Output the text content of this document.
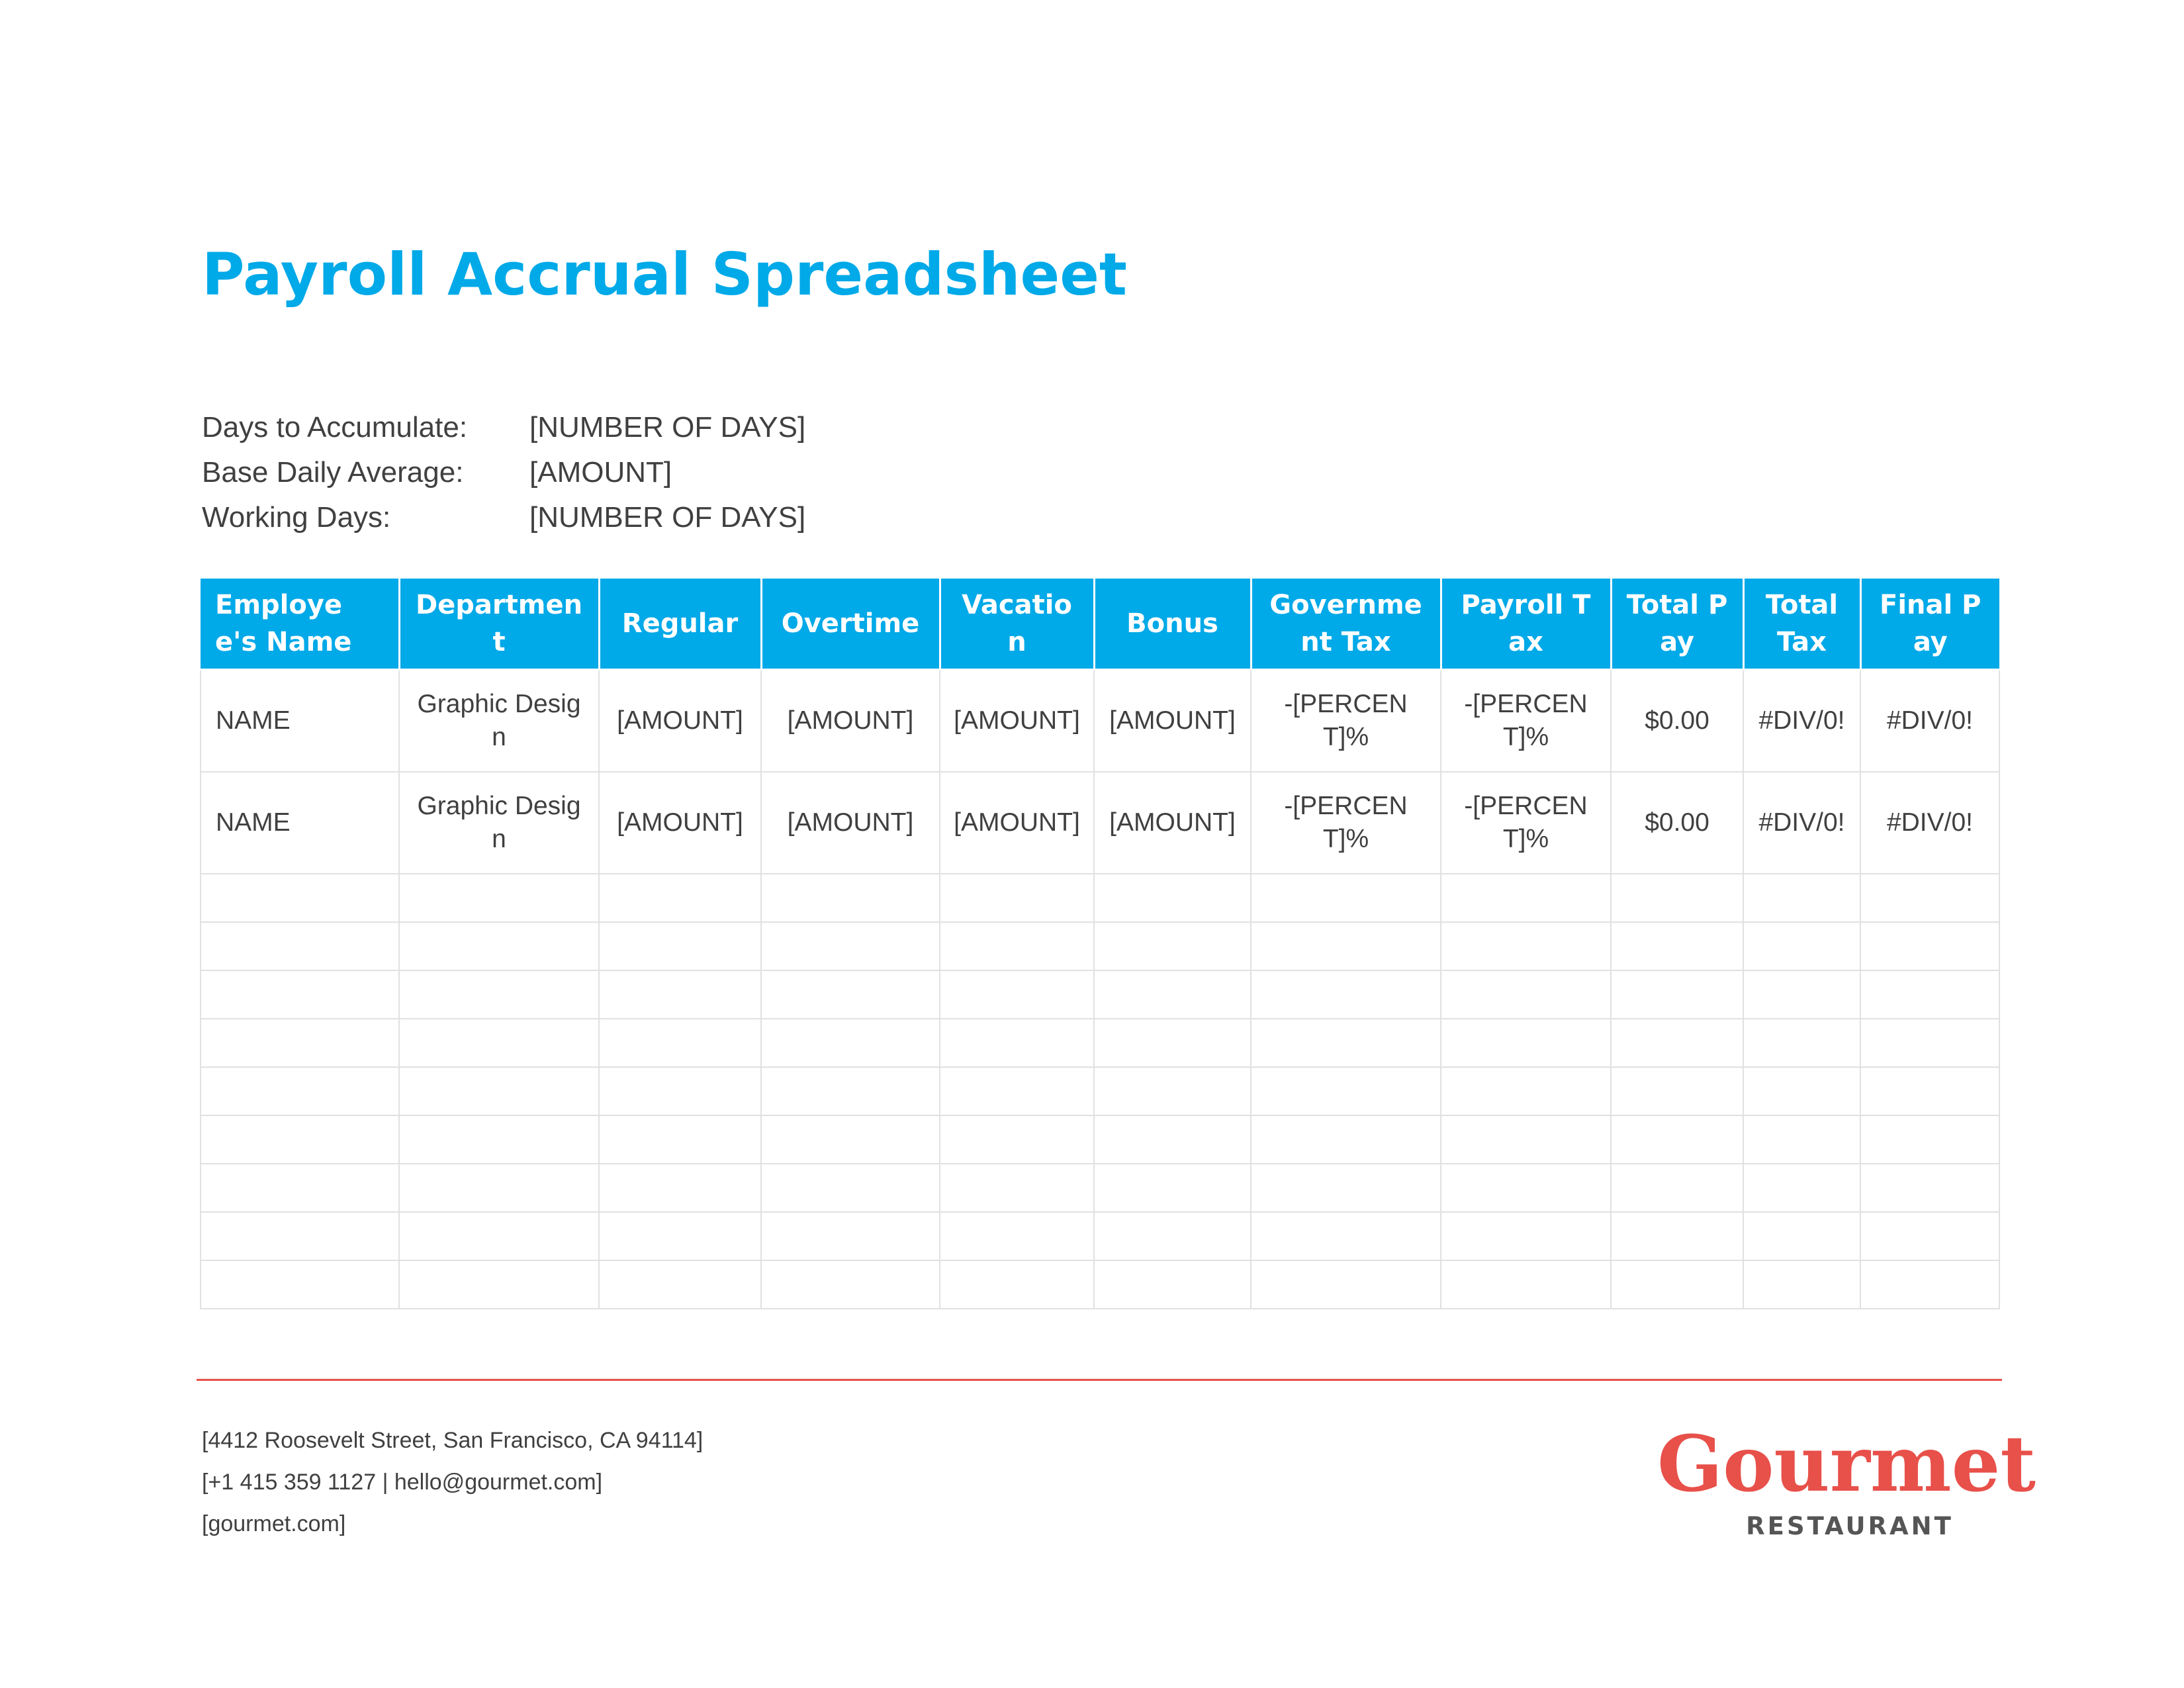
Payroll Accrual Spreadsheet
Days to Accumulate: [NUMBER OF DAYS]
Base Daily Average: [AMOUNT]
Working Days:	[NUMBER OF DAYS]
Employee's Name	Department	Regular	Overtime	Vacation	Bonus	Government Tax	Payroll Tax	Total Pay	Total Tax	Final Pay
NAME	Graphic Design	[AMOUNT]	[AMOUNT]	[AMOUNT]	[AMOUNT]	-[PERCENT]%	-[PERCENT]%	$0.00	#DIV/0!	#DIV/0!
NAME	Graphic Design	[AMOUNT]	[AMOUNT]	[AMOUNT]	[AMOUNT]	-[PERCENT]%	-[PERCENT]%	$0.00	#DIV/0!	#DIV/0!

[4412 Roosevelt Street, San Francisco, CA 94114]
[+1 415 359 1127 | hello@gourmet.com]
[gourmet.com]
Gourmet
RESTAURANT
